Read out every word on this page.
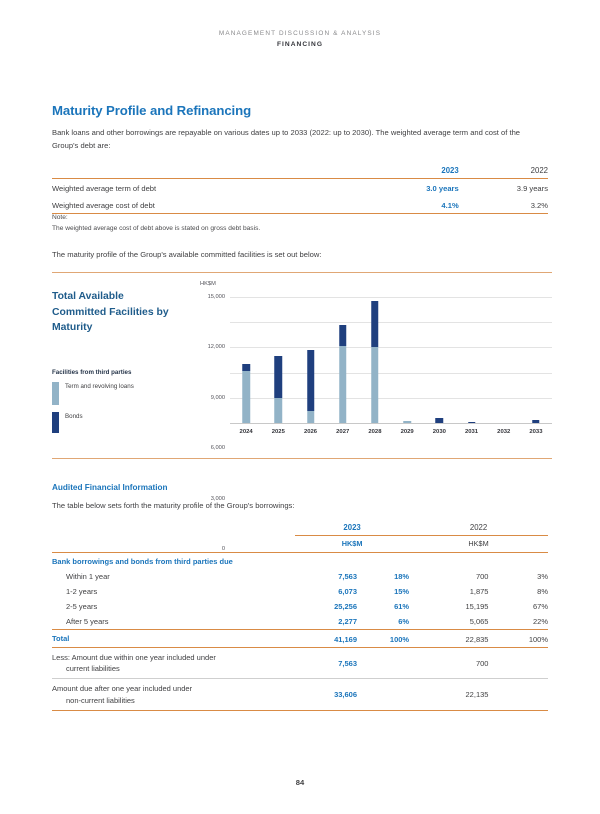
MANAGEMENT DISCUSSION & ANALYSIS
FINANCING
Maturity Profile and Refinancing

Bank loans and other borrowings are repayable on various dates up to 2033 (2022: up to 2030). The weighted average term and cost of the Group's debt are:

	2023	2022

Weighted average term of debt	3.0 years	3.9 years
Weighted average cost of debt	4.1%	3.2%

Note:

The weighted average cost of debt above is stated on gross debt basis.

The maturity profile of the Group's available committed facilities is set out below:

Total Available Committed Facilities by Maturity
Facilities from third parties
Term and revolving loans
Bonds
HK$M
0
3,000
6,000
9,000
12,000
15,000
2024	2025	2026	2027	2028	2029	2030	2031	2032	2033
Audited Financial Information

The table below sets forth the maturity profile of the Group's borrowings:

	2023		2022	

	HK$M		HK$M	

Bank borrowings and bonds from third parties due				
Within 1 year	7,563	18%	700	3%
1-2 years	6,073	15%	1,875	8%
2-5 years	25,256	61%	15,195	67%
After 5 years	2,277	6%	5,065	22%

Total	41,169	100%	22,835	100%

Less: Amount due within one year included under
current liabilities	7,563		700	

Amount due after one year included under
non-current liabilities	33,606		22,135	

84
